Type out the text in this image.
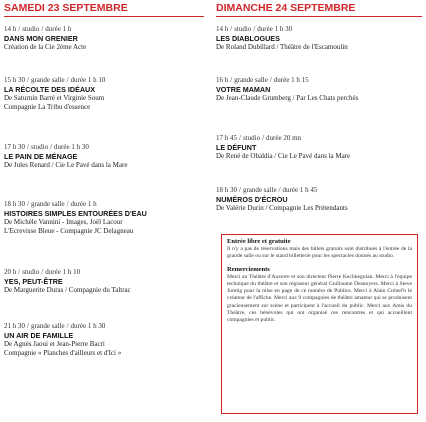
SAMEDI 23 SEPTEMBRE
14 h / studio / durée 1 h
DANS MON GRENIER
Création de la Cie 2ème Acte
15 h 30 / grande salle / durée 1 h 10
LA RÉCOLTE DES IDÉAUX
De Saturnin Barré et Virginie Soum
Compagnie La Tribu d'essence
17 h 30 / studio / durée 1 h 30
LE PAIN DE MÉNAGE
De Jules Renard / Cie Le Pavé dans la Mare
18 h 30 / grande salle / durée 1 h
HISTOIRES SIMPLES ENTOURÉES D'EAU
De Michèle Vannini - Images, Joël Lacour
L'Ecrevisse Bleue - Compagnie JC Delagneau
20 h / studio / durée 1 h 10
YES, PEUT-ÊTRE
De Marguerite Duras / Compagnie du Taltrac
21 h 30 / grande salle / durée 1 h 30
UN AIR DE FAMILLE
De Agnès Jaoui et Jean-Pierre Bacri
Compagnie « Planches d'ailleurs et d'Ici »
DIMANCHE 24 SEPTEMBRE
14 h / studio / durée 1 h 30
LES DIABLOGUES
De Roland Dubillard / Théâtre de l'Escamoulin
16 h / grande salle / durée 1 h 15
VOTRE MAMAN
De Jean-Claude Grumberg / Par Les Chats perchés
17 h 45 / studio / durée 20 mn
LE DÉFUNT
De René de Obaldia / Cie Le Pavé dans la Mare
18 h 30 / grande salle / durée 1 h 45
NUMÉROS D'ÉCROU
De Valérie Durin / Compagnie Les Prétendants
Entrée libre et gratuite

Il n'y a pas de réservations mais des billets gratuits sont distribués à l'entrée de la grande salle ou sur le stand billetterie pour les spectacles donnés au studio.

Remerciements

Merci au Théâtre d'Auxerre et son directeur Pierre Kechkeguian. Merci à l'équipe technique du théâtre et son régisseur général Guillaume Desnoyers. Merci à Steve Juretig pour la mise en page de ce numéro de Publics. Merci à Alain Crénel'h le créateur de l'affiche. Merci aux 9 compagnies de théâtre amateur qui se produisent gracieusement sur scène et participent à l'accueil du public. Merci aux Amis du Théâtre, ces bénévoles qui ont organisé ces rencontres et qui accueillent compagnies et public.
